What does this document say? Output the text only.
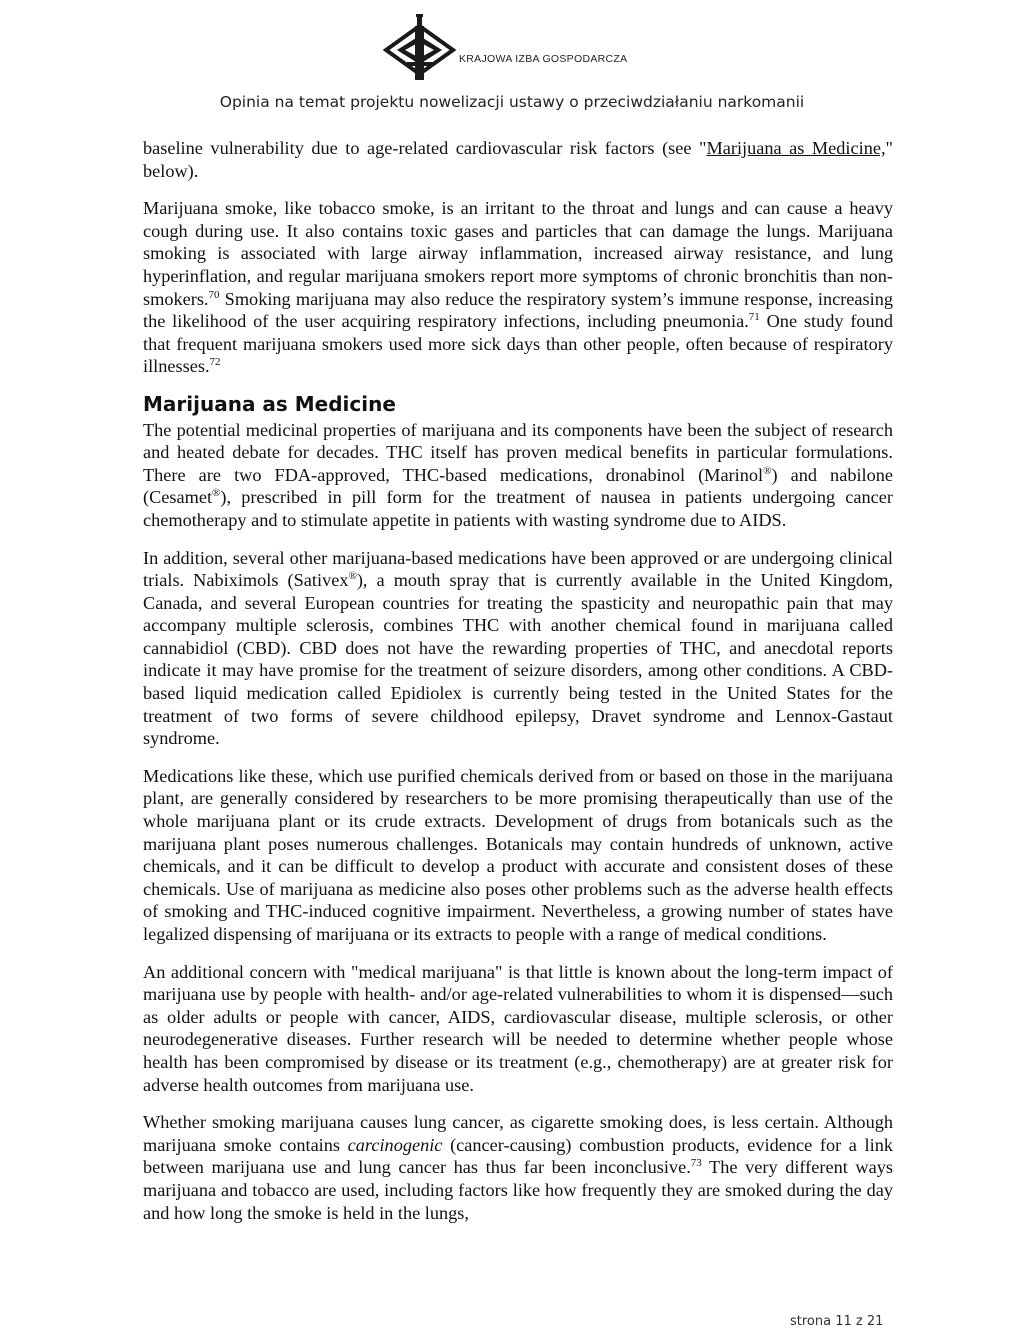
KRAJOWA IZBA GOSPODARCZA
Opinia na temat projektu nowelizacji ustawy o przeciwdziałaniu narkomanii

baseline vulnerability due to age-related cardiovascular risk factors (see "Marijuana as Medicine," below).

Marijuana smoke, like tobacco smoke, is an irritant to the throat and lungs and can cause a heavy cough during use. It also contains toxic gases and particles that can damage the lungs. Marijuana smoking is associated with large airway inflammation, increased airway resistance, and lung hyperinflation, and regular marijuana smokers report more symptoms of chronic bronchitis than non-smokers.$^{70}$ Smoking marijuana may also reduce the respiratory system’s immune response, increasing the likelihood of the user acquiring respiratory infections, including pneumonia.$^{71}$ One study found that frequent marijuana smokers used more sick days than other people, often because of respiratory illnesses.$^{72}$

Marijuana as Medicine

The potential medicinal properties of marijuana and its components have been the subject of research and heated debate for decades. THC itself has proven medical benefits in particular formulations. There are two FDA-approved, THC-based medications, dronabinol (Marinol®) and nabilone (Cesamet®), prescribed in pill form for the treatment of nausea in patients undergoing cancer chemotherapy and to stimulate appetite in patients with wasting syndrome due to AIDS.

In addition, several other marijuana-based medications have been approved or are undergoing clinical trials. Nabiximols (Sativex®), a mouth spray that is currently available in the United Kingdom, Canada, and several European countries for treating the spasticity and neuropathic pain that may accompany multiple sclerosis, combines THC with another chemical found in marijuana called cannabidiol (CBD). CBD does not have the rewarding properties of THC, and anecdotal reports indicate it may have promise for the treatment of seizure disorders, among other conditions. A CBD-based liquid medication called Epidiolex is currently being tested in the United States for the treatment of two forms of severe childhood epilepsy, Dravet syndrome and Lennox-Gastaut syndrome.

Medications like these, which use purified chemicals derived from or based on those in the marijuana plant, are generally considered by researchers to be more promising therapeutically than use of the whole marijuana plant or its crude extracts. Development of drugs from botanicals such as the marijuana plant poses numerous challenges. Botanicals may contain hundreds of unknown, active chemicals, and it can be difficult to develop a product with accurate and consistent doses of these chemicals. Use of marijuana as medicine also poses other problems such as the adverse health effects of smoking and THC-induced cognitive impairment. Nevertheless, a growing number of states have legalized dispensing of marijuana or its extracts to people with a range of medical conditions.

An additional concern with "medical marijuana" is that little is known about the long-term impact of marijuana use by people with health- and/or age-related vulnerabilities to whom it is dispensed—such as older adults or people with cancer, AIDS, cardiovascular disease, multiple sclerosis, or other neurodegenerative diseases. Further research will be needed to determine whether people whose health has been compromised by disease or its treatment (e.g., chemotherapy) are at greater risk for adverse health outcomes from marijuana use.

Whether smoking marijuana causes lung cancer, as cigarette smoking does, is less certain. Although marijuana smoke contains carcinogenic (cancer-causing) combustion products, evidence for a link between marijuana use and lung cancer has thus far been inconclusive.$^{73}$ The very different ways marijuana and tobacco are used, including factors like how frequently they are smoked during the day and how long the smoke is held in the lungs,

strona 11 z 21
